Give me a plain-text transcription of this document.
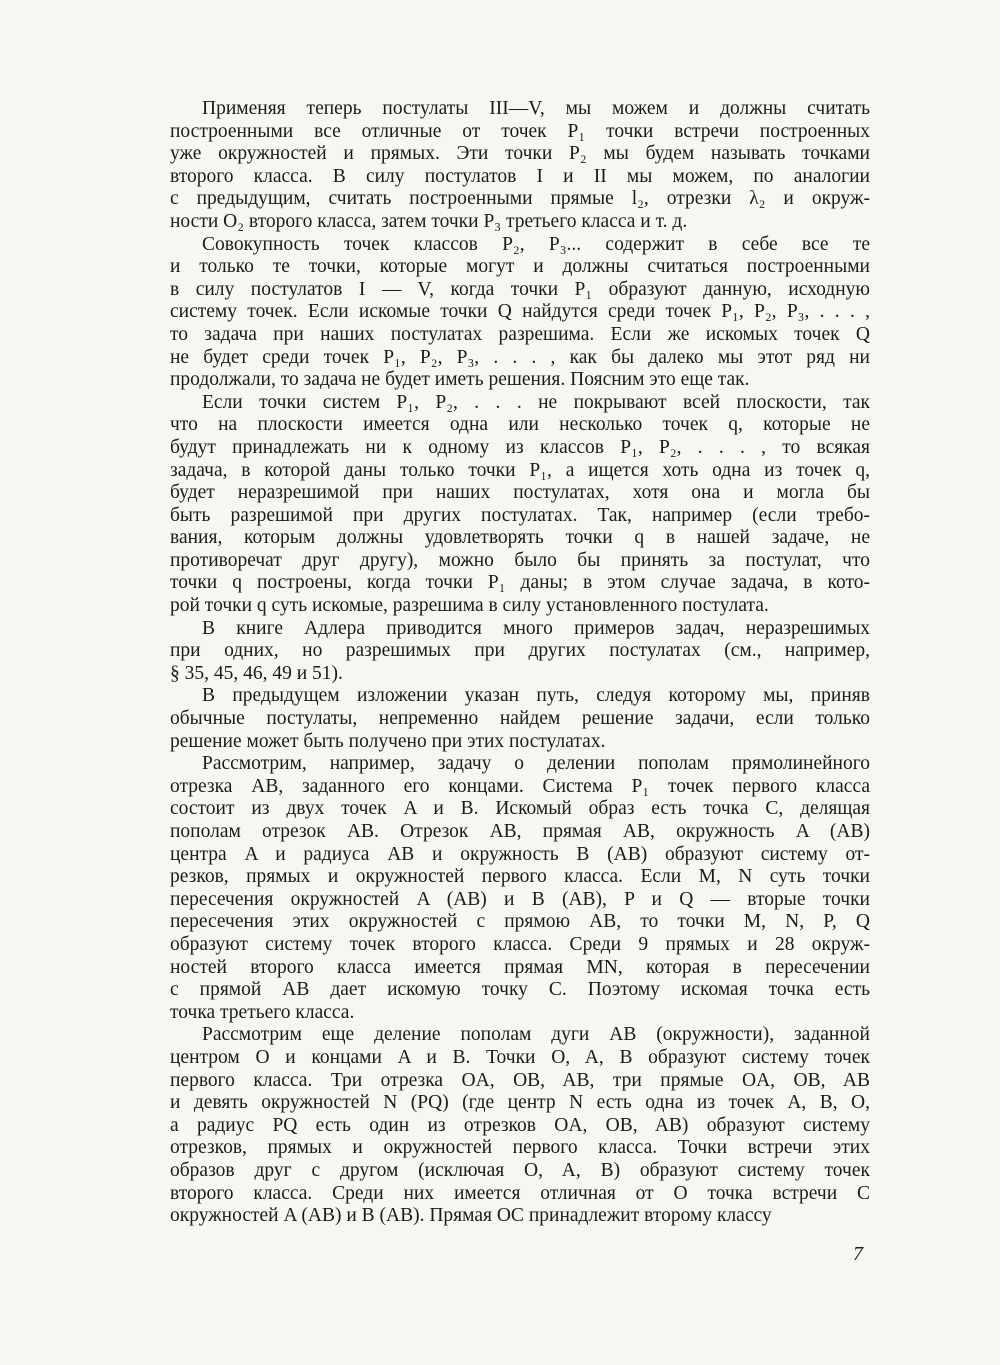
Применяя теперь постулаты III—V, мы можем и должны считать
построенными все отличные от точек P₁ точки встречи построенных
уже окружностей и прямых. Эти точки P₂ мы будем называть точками
второго класса. В силу постулатов I и II мы можем, по аналогии
с предыдущим, считать построенными прямые l₂, отрезки λ₂ и окруж-
ности O₂ второго класса, затем точки P₃ третьего класса и т. д.
Совокупность точек классов P₂, P₃... содержит в себе все те
и только те точки, которые могут и должны считаться построенными
в силу постулатов I — V, когда точки P₁ образуют данную, исходную
систему точек. Если искомые точки Q найдутся среди точек P₁, P₂, P₃, . . . ,
то задача при наших постулатах разрешима. Если же искомых точек Q
не будет среди точек P₁, P₂, P₃, . . . , как бы далеко мы этот ряд ни
продолжали, то задача не будет иметь решения. Поясним это еще так.
Если точки систем P₁, P₂, . . . не покрывают всей плоскости, так
что на плоскости имеется одна или несколько точек q, которые не
будут принадлежать ни к одному из классов P₁, P₂, . . . , то всякая
задача, в которой даны только точки P₁, а ищется хоть одна из точек q,
будет неразрешимой при наших постулатах, хотя она и могла бы
быть разрешимой при других постулатах. Так, например (если требо-
вания, которым должны удовлетворять точки q в нашей задаче, не
противоречат друг другу), можно было бы принять за постулат, что
точки q построены, когда точки P₁ даны; в этом случае задача, в кото-
рой точки q суть искомые, разрешима в силу установленного постулата.
В книге Адлера приводится много примеров задач, неразрешимых
при одних, но разрешимых при других постулатах (см., например,
§ 35, 45, 46, 49 и 51).
В предыдущем изложении указан путь, следуя которому мы, приняв
обычные постулаты, непременно найдем решение задачи, если только
решение может быть получено при этих постулатах.
Рассмотрим, например, задачу о делении пополам прямолинейного
отрезка AB, заданного его концами. Система P₁ точек первого класса
состоит из двух точек A и B. Искомый образ есть точка C, делящая
пополам отрезок AB. Отрезок AB, прямая AB, окружность A (AB)
центра A и радиуса AB и окружность B (AB) образуют систему от-
резков, прямых и окружностей первого класса. Если M, N суть точки
пересечения окружностей A (AB) и B (AB), P и Q — вторые точки
пересечения этих окружностей с прямою AB, то точки M, N, P, Q
образуют систему точек второго класса. Среди 9 прямых и 28 окруж-
ностей второго класса имеется прямая MN, которая в пересечении
с прямой AB дает искомую точку C. Поэтому искомая точка есть
точка третьего класса.
Рассмотрим еще деление пополам дуги AB (окружности), заданной
центром O и концами A и B. Точки O, A, B образуют систему точек
первого класса. Три отрезка OA, OB, AB, три прямые OA, OB, AB
и девять окружностей N (PQ) (где центр N есть одна из точек A, B, O,
а радиус PQ есть один из отрезков OA, OB, AB) образуют систему
отрезков, прямых и окружностей первого класса. Точки встречи этих
образов друг с другом (исключая O, A, B) образуют систему точек
второго класса. Среди них имеется отличная от O точка встречи C
окружностей A (AB) и B (AB). Прямая OC принадлежит второму классу
7
